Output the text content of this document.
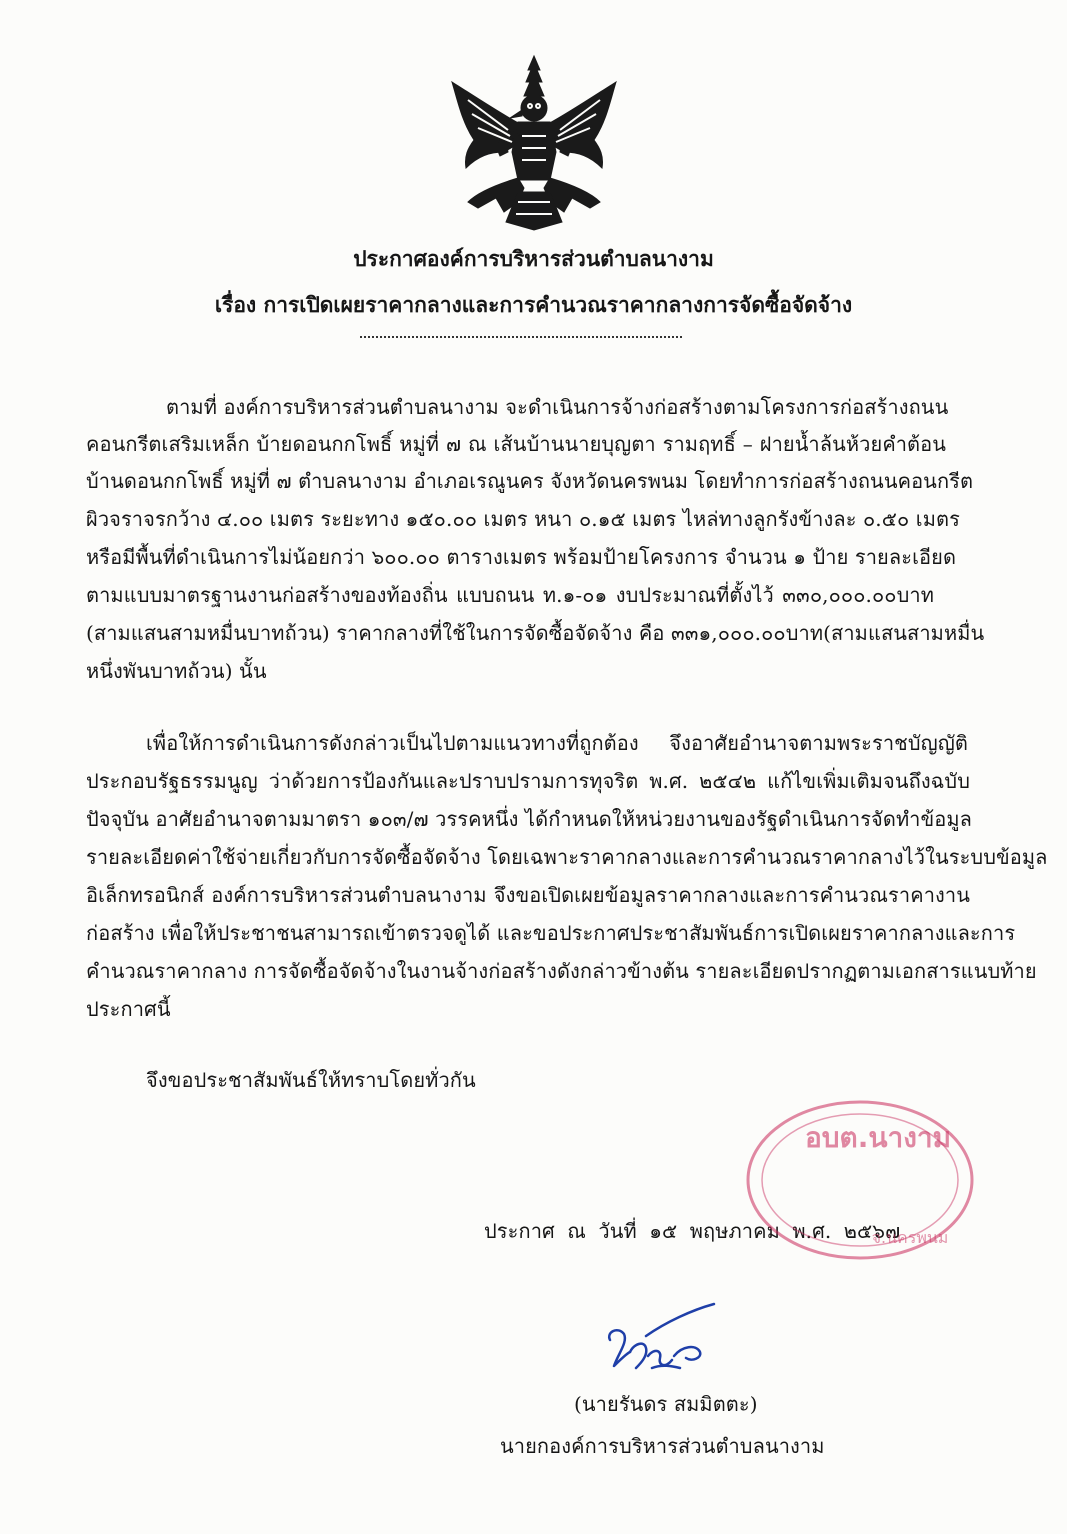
ประกาศองค์การบริหารส่วนตำบลนางาม
เรื่อง การเปิดเผยราคากลางและการคำนวณราคากลางการจัดซื้อจัดจ้าง
ตามที่ องค์การบริหารส่วนตำบลนางาม จะดำเนินการจ้างก่อสร้างตามโครงการก่อสร้างถนน
คอนกรีตเสริมเหล็ก บ้ายดอนกกโพธิ์ หมู่ที่ ๗ ณ เส้นบ้านนายบุญตา รามฤทธิ์ – ฝายน้ำล้นห้วยคำต้อน
บ้านดอนกกโพธิ์ หมู่ที่ ๗ ตำบลนางาม อำเภอเรณูนคร จังหวัดนครพนม โดยทำการก่อสร้างถนนคอนกรีต
ผิวจราจรกว้าง ๔.๐๐ เมตร ระยะทาง ๑๕๐.๐๐ เมตร หนา ๐.๑๕ เมตร ไหล่ทางลูกรังข้างละ ๐.๕๐ เมตร
หรือมีพื้นที่ดำเนินการไม่น้อยกว่า ๖๐๐.๐๐ ตารางเมตร พร้อมป้ายโครงการ จำนวน ๑ ป้าย รายละเอียด
ตามแบบมาตรฐานงานก่อสร้างของท้องถิ่น แบบถนน ท.๑-๐๑ งบประมาณที่ตั้งไว้ ๓๓๐,๐๐๐.๐๐บาท
(สามแสนสามหมื่นบาทถ้วน) ราคากลางที่ใช้ในการจัดซื้อจัดจ้าง คือ ๓๓๑,๐๐๐.๐๐บาท(สามแสนสามหมื่น
หนึ่งพันบาทถ้วน) นั้น
เพื่อให้การดำเนินการดังกล่าวเป็นไปตามแนวทางที่ถูกต้อง จึงอาศัยอำนาจตามพระราชบัญญัติ
ประกอบรัฐธรรมนูญ ว่าด้วยการป้องกันและปราบปรามการทุจริต พ.ศ. ๒๕๔๒ แก้ไขเพิ่มเติมจนถึงฉบับ
ปัจจุบัน อาศัยอำนาจตามมาตรา ๑๐๓/๗ วรรคหนึ่ง ได้กำหนดให้หน่วยงานของรัฐดำเนินการจัดทำข้อมูล
รายละเอียดค่าใช้จ่ายเกี่ยวกับการจัดซื้อจัดจ้าง โดยเฉพาะราคากลางและการคำนวณราคากลางไว้ในระบบข้อมูล
อิเล็กทรอนิกส์ องค์การบริหารส่วนตำบลนางาม จึงขอเปิดเผยข้อมูลราคากลางและการคำนวณราคางาน
ก่อสร้าง เพื่อให้ประชาชนสามารถเข้าตรวจดูได้ และขอประกาศประชาสัมพันธ์การเปิดเผยราคากลางและการ
คำนวณราคากลาง การจัดซื้อจัดจ้างในงานจ้างก่อสร้างดังกล่าวข้างต้น รายละเอียดปรากฏตามเอกสารแนบท้าย
ประกาศนี้
จึงขอประชาสัมพันธ์ให้ทราบโดยทั่วกัน
ประกาศ ณ วันที่ ๑๕ พฤษภาคม พ.ศ. ๒๕๖๗
อบต.นางาม
จ.นครพนม
(นายรันดร สมมิตตะ)
นายกองค์การบริหารส่วนตำบลนางาม
